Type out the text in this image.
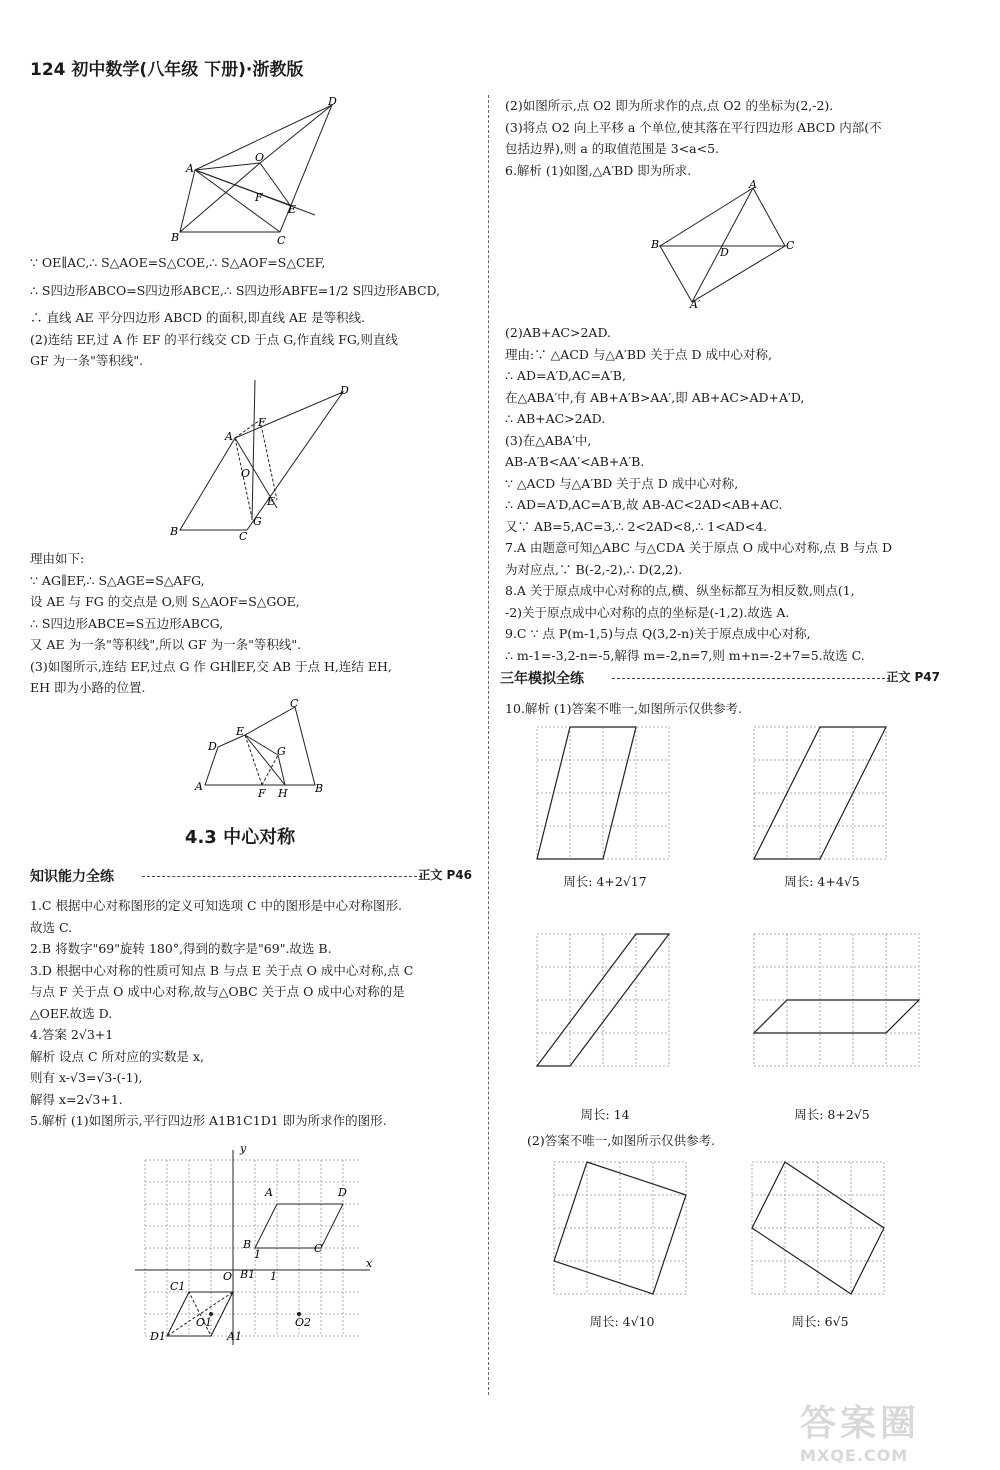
124 初中数学(八年级 下册)·浙教版
A
B	C
D
O
E
F

∵ OE∥AC,∴ S△AOE=S△COE,∴ S△AOF=S△CEF,

∴ S四边形ABCO=S四边形ABCE,∴ S四边形ABFE=1/2 S四边形ABCD,

∴ 直线 AE 平分四边形 ABCD 的面积,即直线 AE 是等积线.

(2)连结 EF,过 A 作 EF 的平行线交 CD 于点 G,作直线 FG,则直线

GF 为一条"等积线".

A
B	C
D
F
E
O
G

理由如下:

∵ AG∥EF,∴ S△AGE=S△AFG,

设 AE 与 FG 的交点是 O,则 S△AOF=S△GOE,

∴ S四边形ABCE=S五边形ABCG,

又 AE 为一条"等积线",所以 GF 为一条"等积线".

(3)如图所示,连结 EF,过点 G 作 GH∥EF,交 AB 于点 H,连结 EH,

EH 即为小路的位置.

A
D
E
C
G
F H B
4.3 中心对称
知识能力全练	正文 P46

1.C 根据中心对称图形的定义可知选项 C 中的图形是中心对称图形.

故选 C.

2.B 将数字"69"旋转 180°,得到的数字是"69".故选 B.

3.D 根据中心对称的性质可知点 B 与点 E 关于点 O 成中心对称,点 C

与点 F 关于点 O 成中心对称,故与△OBC 关于点 O 成中心对称的是

△OEF.故选 D.

4.答案 2√3+1

解析 设点 C 所对应的实数是 x,

则有 x-√3=√3-(-1),

解得 x=2√3+1.

5.解析 (1)如图所示,平行四边形 A1B1C1D1 即为所求作的图形.

y
x
O	1
B
1
A	D
C
C1
B1
D1	A1
O1	O2

(2)如图所示,点 O2 即为所求作的点,点 O2 的坐标为(2,-2).

(3)将点 O2 向上平移 a 个单位,使其落在平行四边形 ABCD 内部(不

包括边界),则 a 的取值范围是 3<a<5.

6.解析 (1)如图,△A′BD 即为所求.

A
B	C
D
A′

(2)AB+AC>2AD.

理由:∵ △ACD 与△A′BD 关于点 D 成中心对称,

∴ AD=A′D,AC=A′B,

在△ABA′中,有 AB+A′B>AA′,即 AB+AC>AD+A′D,

∴ AB+AC>2AD.

(3)在△ABA′中,

AB-A′B<AA′<AB+A′B.

∵ △ACD 与△A′BD 关于点 D 成中心对称,

∴ AD=A′D,AC=A′B,故 AB-AC<2AD<AB+AC.

又∵ AB=5,AC=3,∴ 2<2AD<8,∴ 1<AD<4.

7.A 由题意可知△ABC 与△CDA 关于原点 O 成中心对称,点 B 与点 D

为对应点,∵ B(-2,-2),∴ D(2,2).

8.A 关于原点成中心对称的点,横、纵坐标都互为相反数,则点(1,

-2)关于原点成中心对称的点的坐标是(-1,2).故选 A.

9.C ∵ 点 P(m-1,5)与点 Q(3,2-n)关于原点成中心对称,

∴ m-1=-3,2-n=-5,解得 m=-2,n=7,则 m+n=-2+7=5.故选 C.

三年模拟全练	正文 P47
10.解析 (1)答案不唯一,如图所示仅供参考.
周长: 4+2√17	周长: 4+4√5
周长: 14	周长: 8+2√5
(2)答案不唯一,如图所示仅供参考.
周长: 4√10	周长: 6√5
答案圈
MXQE.COM
